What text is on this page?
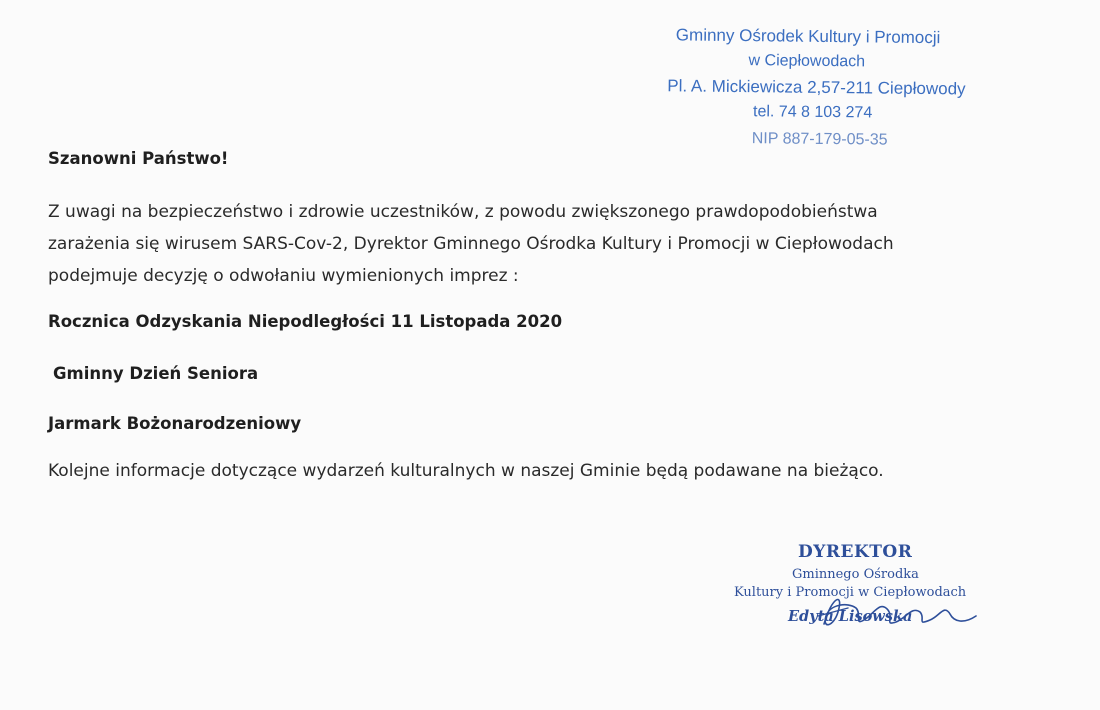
Gminny Ośrodek Kultury i Promocji
w Ciepłowodach
Pl. A. Mickiewicza 2,57-211 Ciepłowody
tel. 74 8 103 274
NIP 887-179-05-35
Szanowni Państwo!
Z uwagi na bezpieczeństwo i zdrowie uczestników, z powodu zwiększonego prawdopodobieństwa
zarażenia się wirusem SARS-Cov-2, Dyrektor Gminnego Ośrodka Kultury i Promocji w Ciepłowodach
podejmuje decyzję o odwołaniu wymienionych imprez :
Rocznica Odzyskania Niepodległości 11 Listopada 2020
Gminny Dzień Seniora
Jarmark Bożonarodzeniowy
Kolejne informacje dotyczące wydarzeń kulturalnych w naszej Gminie będą podawane na bieżąco.
DYREKTOR
Gminnego Ośrodka
Kultury i Promocji w Ciepłowodach
Edyta Lisowska
